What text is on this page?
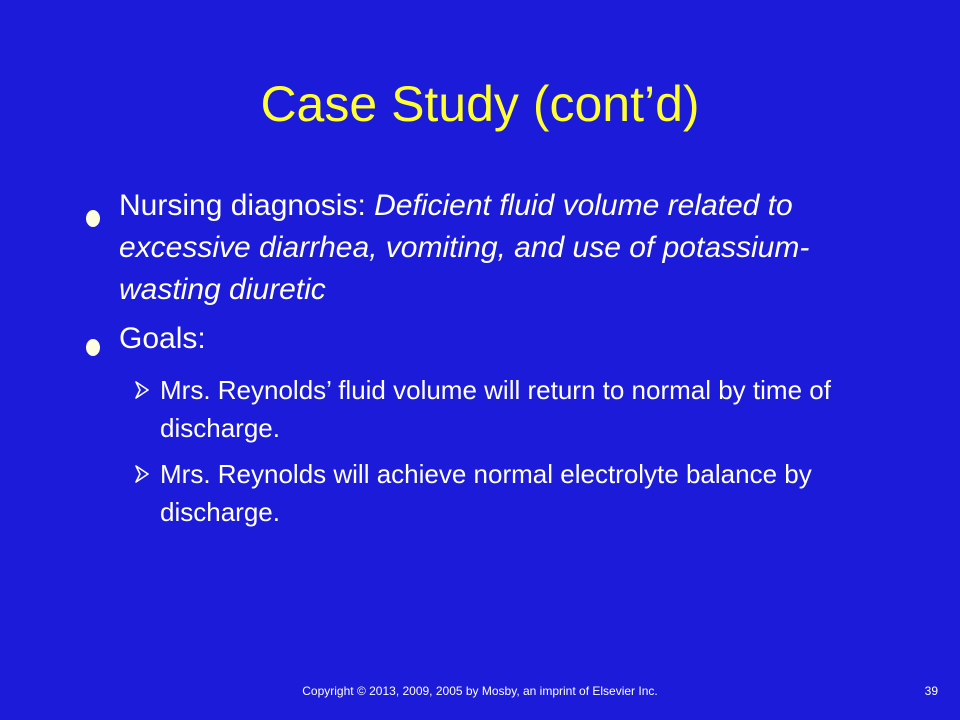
Case Study (cont’d)
Nursing diagnosis: Deficient fluid volume related to excessive diarrhea, vomiting, and use of potassium-wasting diuretic
Goals:
Mrs. Reynolds’ fluid volume will return to normal by time of discharge.
Mrs. Reynolds will achieve normal electrolyte balance by discharge.
Copyright © 2013, 2009, 2005 by Mosby, an imprint of Elsevier Inc.	39
